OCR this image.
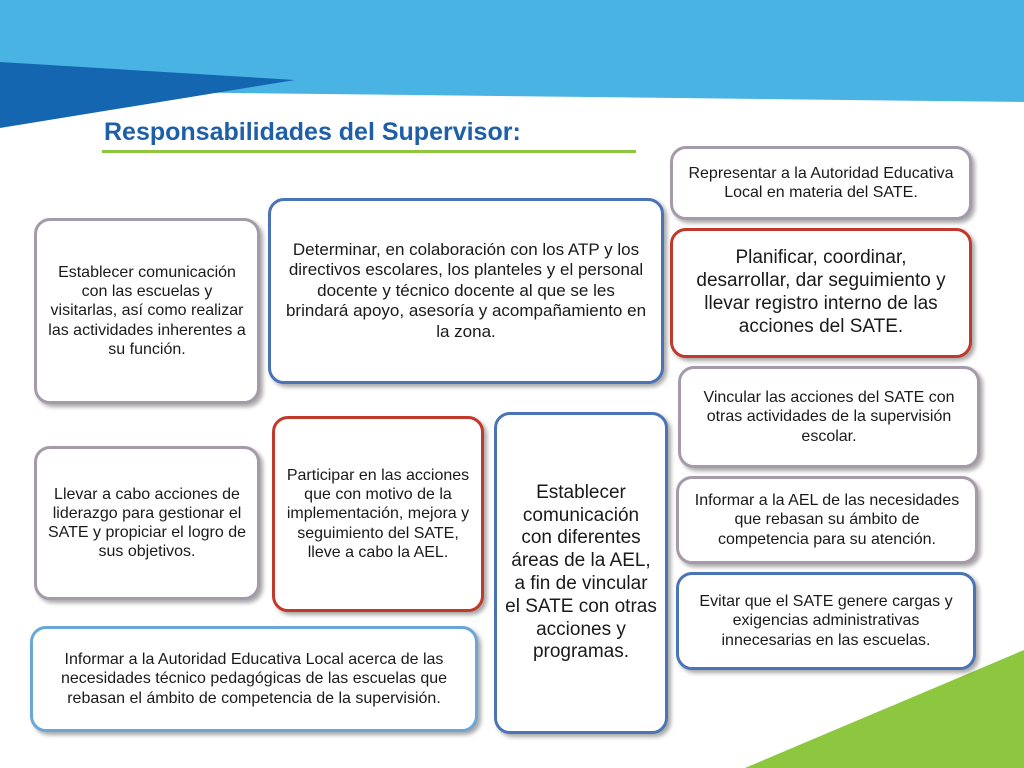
Responsabilidades del Supervisor:
Establecer comunicación con las escuelas y visitarlas, así como realizar las actividades inherentes a su función.
Llevar a cabo acciones de liderazgo para gestionar el SATE y propiciar el logro de sus objetivos.
Informar a la Autoridad Educativa Local acerca de las necesidades técnico pedagógicas de las escuelas que rebasan el ámbito de competencia de la supervisión.
Determinar, en colaboración con los ATP y los directivos escolares, los planteles y el personal docente y técnico docente al que se les brindará apoyo, asesoría y acompañamiento en la zona.
Participar en las acciones que con motivo de la implementación, mejora y seguimiento del SATE, lleve a cabo la AEL.
Establecer comunicación con diferentes áreas de la AEL, a fin de vincular el SATE con otras acciones y programas.
Representar a la Autoridad Educativa Local en materia del SATE.
Planificar, coordinar, desarrollar, dar seguimiento y llevar registro interno de las acciones del SATE.
Vincular las acciones del SATE con otras actividades de la supervisión escolar.
Informar a la AEL de las necesidades que rebasan su ámbito de competencia para su atención.
Evitar que el SATE genere cargas y exigencias administrativas innecesarias en las escuelas.
